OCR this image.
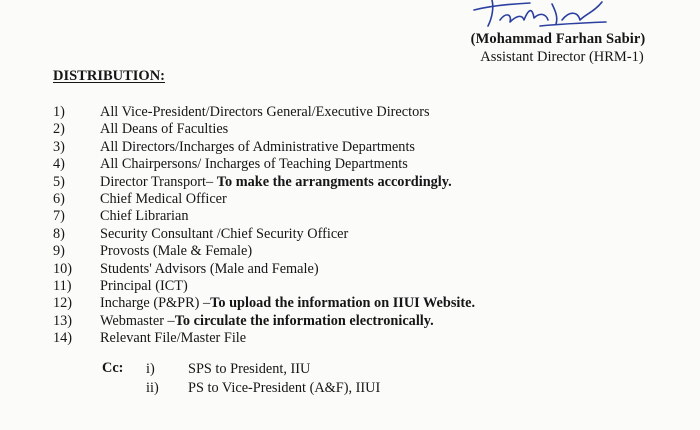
(Mohammad Farhan Sabir)
Assistant Director (HRM-1)
DISTRIBUTION:
1) All Vice-President/Directors General/Executive Directors
2) All Deans of Faculties
3) All Directors/Incharges of Administrative Departments
4) All Chairpersons/ Incharges of Teaching Departments
5) Director Transport– To make the arrangments accordingly.
6) Chief Medical Officer
7) Chief Librarian
8) Security Consultant /Chief Security Officer
9) Provosts (Male & Female)
10) Students' Advisors (Male and Female)
11) Principal (ICT)
12) Incharge (P&PR) –To upload the information on IIUI Website.
13) Webmaster –To circulate the information electronically.
14) Relevant File/Master File
Cc: i) SPS to President, IIU
ii) PS to Vice-President (A&F), IIUI
